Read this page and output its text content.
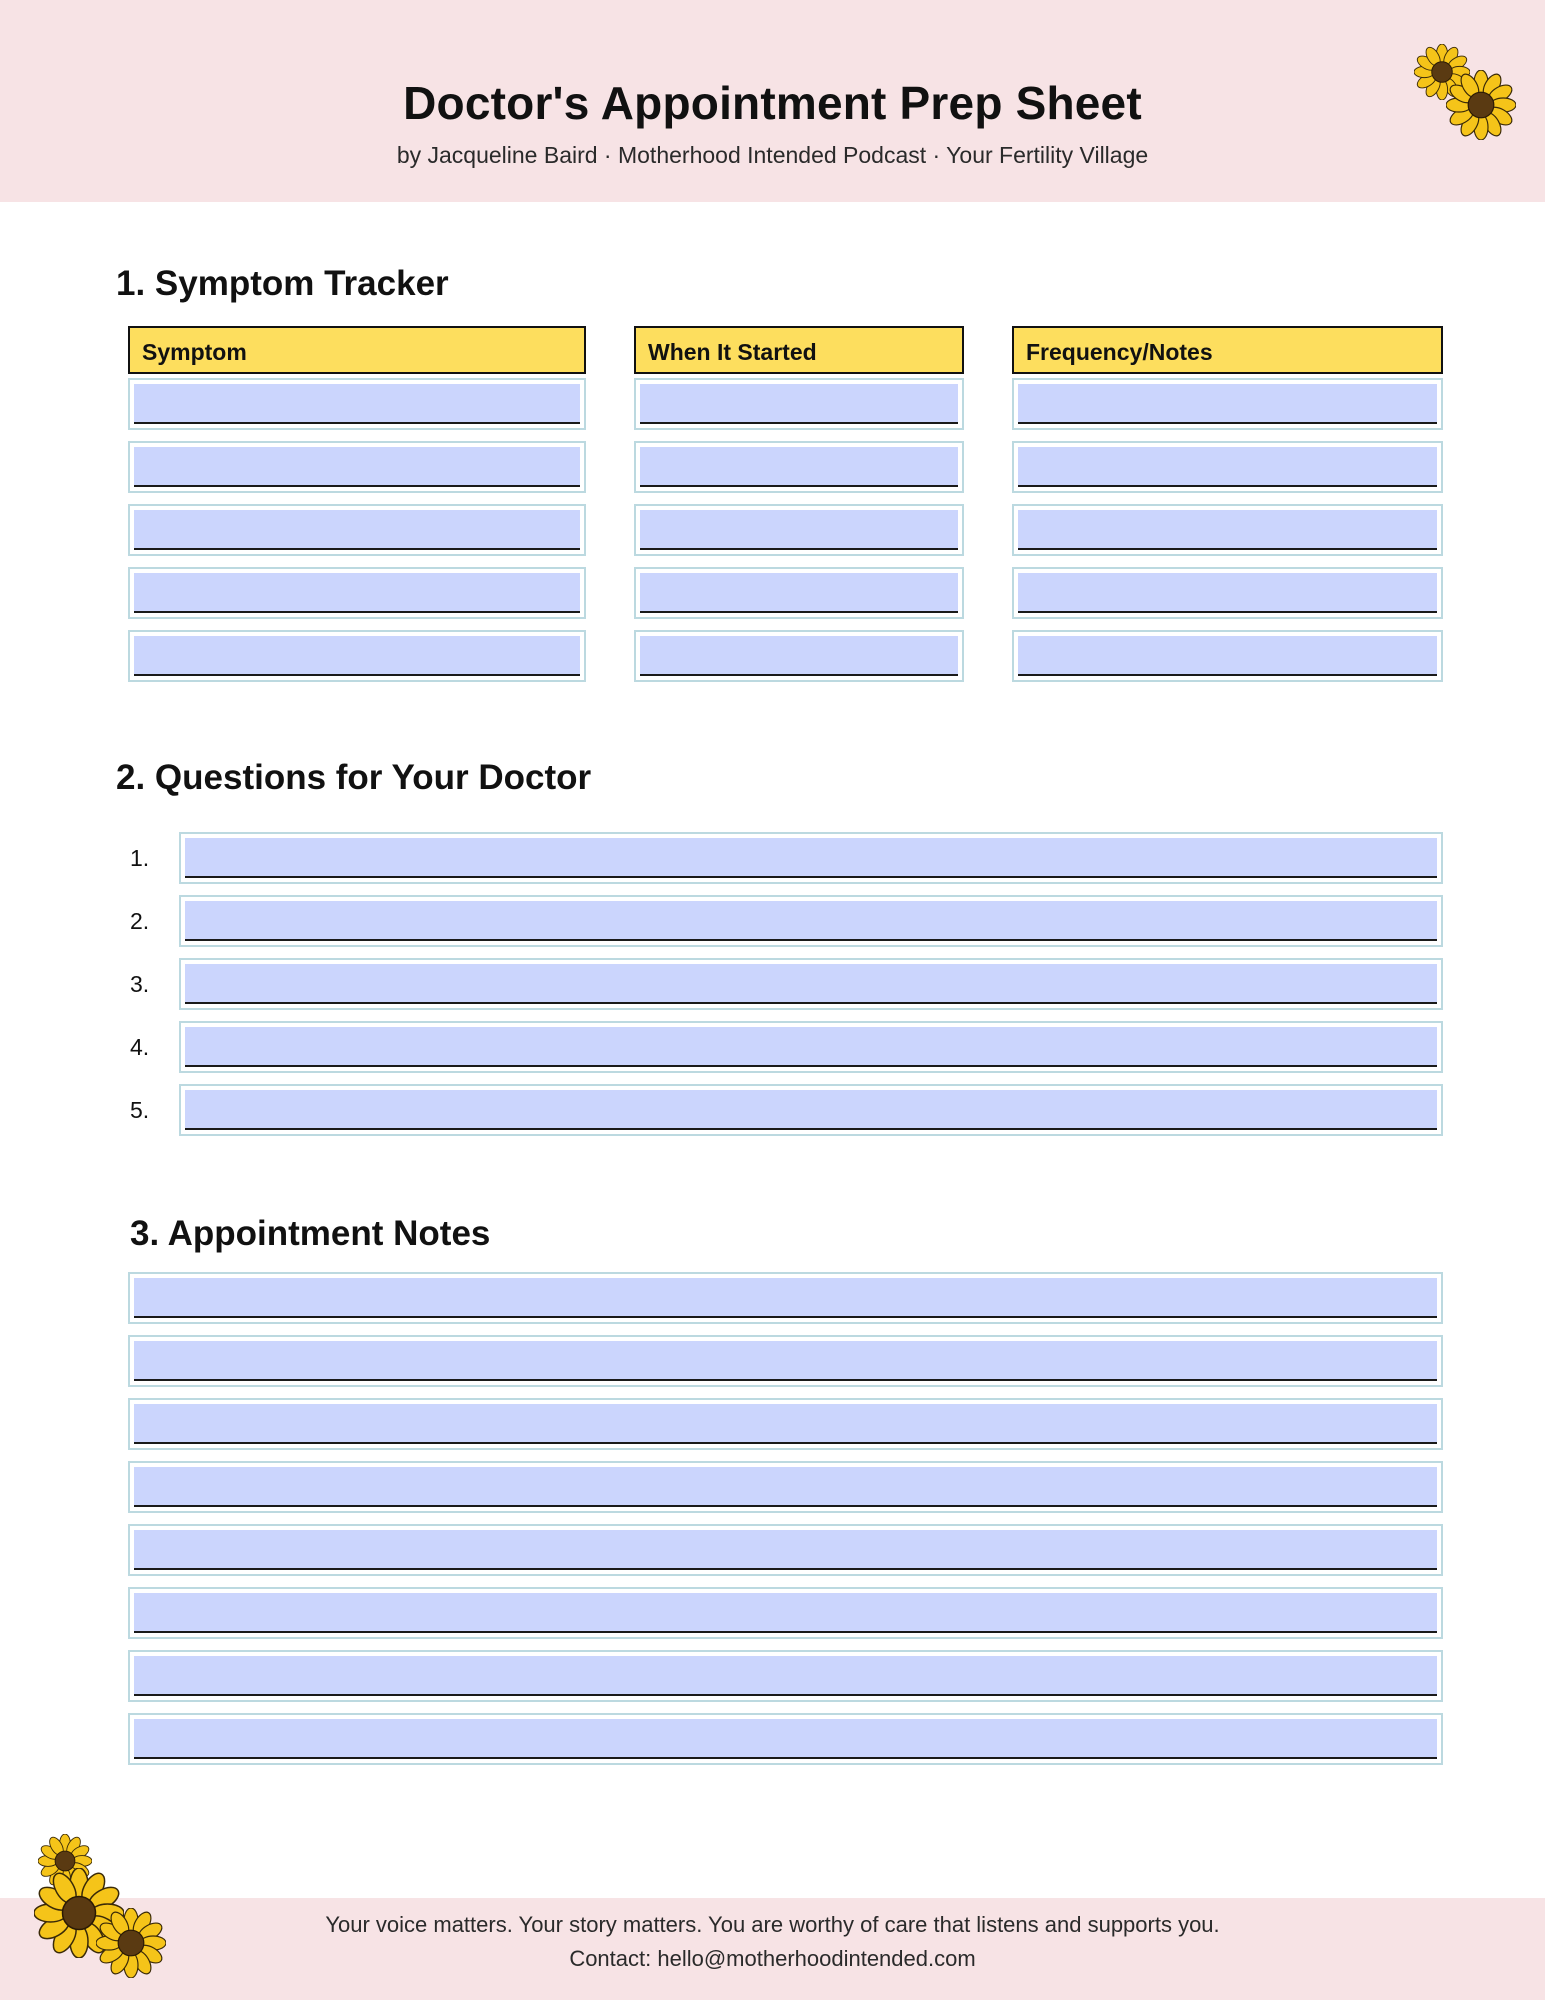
Doctor's Appointment Prep Sheet
by Jacqueline Baird · Motherhood Intended Podcast · Your Fertility Village
1. Symptom Tracker
Symptom	When It Started	Frequency/Notes
2. Questions for Your Doctor
1.
2.
3.
4.
5.
3. Appointment Notes
Your voice matters. Your story matters. You are worthy of care that listens and supports you.
Contact: hello@motherhoodintended.com
